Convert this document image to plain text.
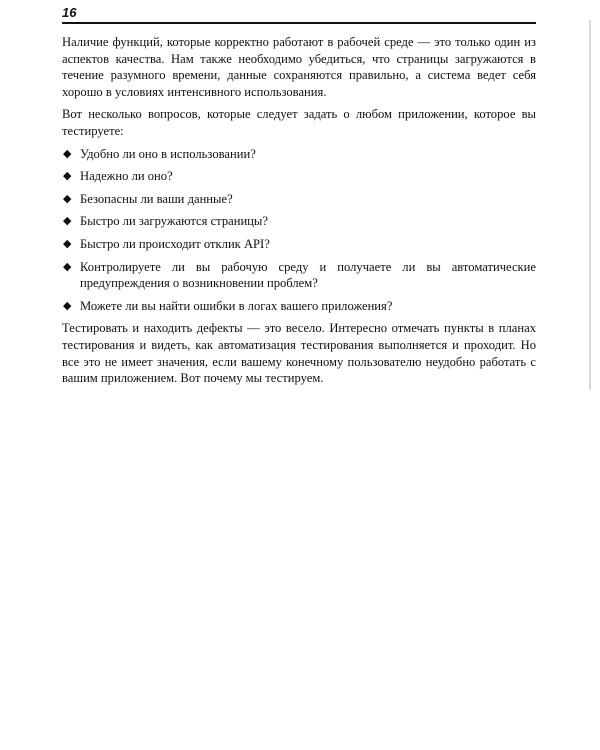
16

Наличие функций, которые корректно работают в рабочей среде — это только один из аспектов качества. Нам также необходимо убедиться, что страницы загружаются в течение разумного времени, данные сохраняются правильно, а система ведет себя хорошо в условиях интенсивного использования.

Вот несколько вопросов, которые следует задать о любом приложении, которое вы тестируете:

◆ Удобно ли оно в использовании?
◆ Надежно ли оно?
◆ Безопасны ли ваши данные?
◆ Быстро ли загружаются страницы?
◆ Быстро ли происходит отклик API?
◆ Контролируете ли вы рабочую среду и получаете ли вы автоматические предупреждения о возникновении проблем?
◆ Можете ли вы найти ошибки в логах вашего приложения?

Тестировать и находить дефекты — это весело. Интересно отмечать пункты в планах тестирования и видеть, как автоматизация тестирования выполняется и проходит. Но все это не имеет значения, если вашему конечному пользователю неудобно работать с вашим приложением. Вот почему мы тестируем.
